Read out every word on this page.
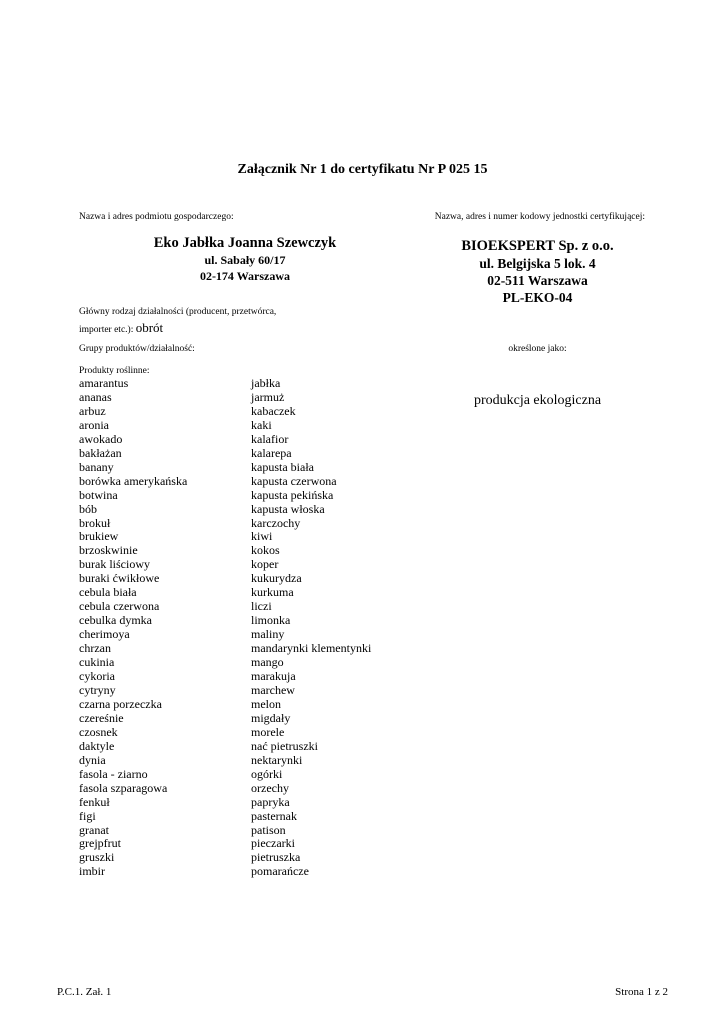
Załącznik Nr 1 do certyfikatu Nr P 025 15
Nazwa i adres podmiotu gospodarczego:	Nazwa, adres i numer kodowy jednostki certyfikującej:
Eko Jabłka Joanna Szewczyk
ul. Sabały 60/17
02-174 Warszawa
BIOEKSPERT Sp. z o.o.
ul. Belgijska 5 lok. 4
02-511 Warszawa
PL-EKO-04
Główny rodzaj działalności (producent, przetwórca,
importer etc.): obrót
Grupy produktów/działalność:	określone jako:
Produkty roślinne:
produkcja ekologiczna
amarantus
ananas
arbuz
aronia
awokado
bakłażan
banany
borówka amerykańska
botwina
bób
brokuł
brukiew
brzoskwinie
burak liściowy
buraki ćwikłowe
cebula biała
cebula czerwona
cebulka dymka
cherimoya
chrzan
cukinia
cykoria
cytryny
czarna porzeczka
czereśnie
czosnek
daktyle
dynia
fasola - ziarno
fasola szparagowa
fenkuł
figi
granat
grejpfrut
gruszki
imbir
jabłka
jarmuż
kabaczek
kaki
kalafior
kalarepa
kapusta biała
kapusta czerwona
kapusta pekińska
kapusta włoska
karczochy
kiwi
kokos
koper
kukurydza
kurkuma
liczi
limonka
maliny
mandarynki klementynki
mango
marakuja
marchew
melon
migdały
morele
nać pietruszki
nektarynki
ogórki
orzechy
papryka
pasternak
patison
pieczarki
pietruszka
pomarańcze
P.C.1. Zał. 1	Strona 1 z 2
